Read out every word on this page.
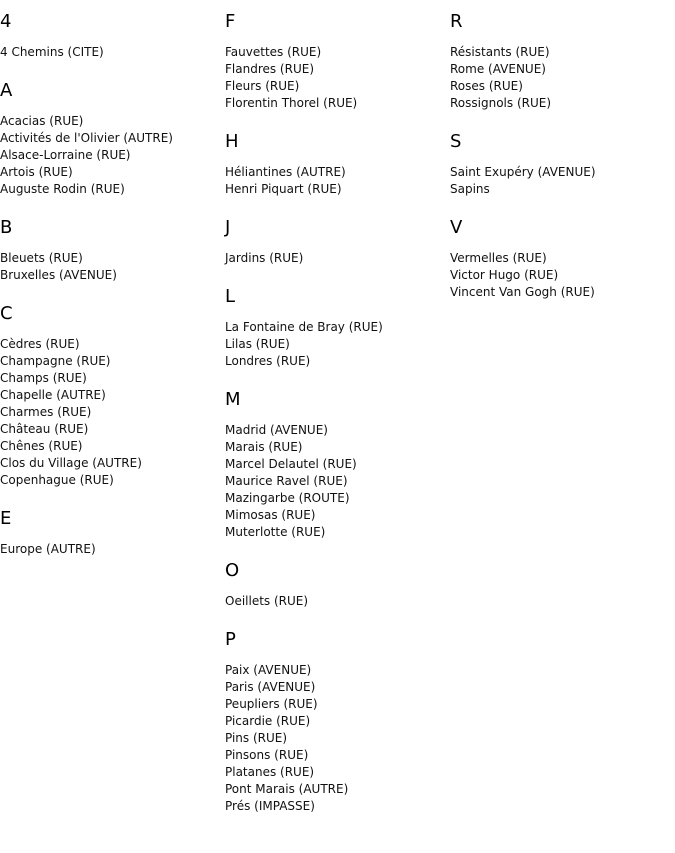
4
4 Chemins (CITE)
A
Acacias (RUE)
Activités de l'Olivier (AUTRE)
Alsace-Lorraine (RUE)
Artois (RUE)
Auguste Rodin (RUE)
B
Bleuets (RUE)
Bruxelles (AVENUE)
C
Cèdres (RUE)
Champagne (RUE)
Champs (RUE)
Chapelle (AUTRE)
Charmes (RUE)
Château (RUE)
Chênes (RUE)
Clos du Village (AUTRE)
Copenhague (RUE)
E
Europe (AUTRE)
F
Fauvettes (RUE)
Flandres (RUE)
Fleurs (RUE)
Florentin Thorel (RUE)
H
Héliantines (AUTRE)
Henri Piquart (RUE)
J
Jardins (RUE)
L
La Fontaine de Bray (RUE)
Lilas (RUE)
Londres (RUE)
M
Madrid (AVENUE)
Marais (RUE)
Marcel Delautel (RUE)
Maurice Ravel (RUE)
Mazingarbe (ROUTE)
Mimosas (RUE)
Muterlotte (RUE)
O
Oeillets (RUE)
P
Paix (AVENUE)
Paris (AVENUE)
Peupliers (RUE)
Picardie (RUE)
Pins (RUE)
Pinsons (RUE)
Platanes (RUE)
Pont Marais (AUTRE)
Prés (IMPASSE)
R
Résistants (RUE)
Rome (AVENUE)
Roses (RUE)
Rossignols (RUE)
S
Saint Exupéry (AVENUE)
Sapins
V
Vermelles (RUE)
Victor Hugo (RUE)
Vincent Van Gogh (RUE)
